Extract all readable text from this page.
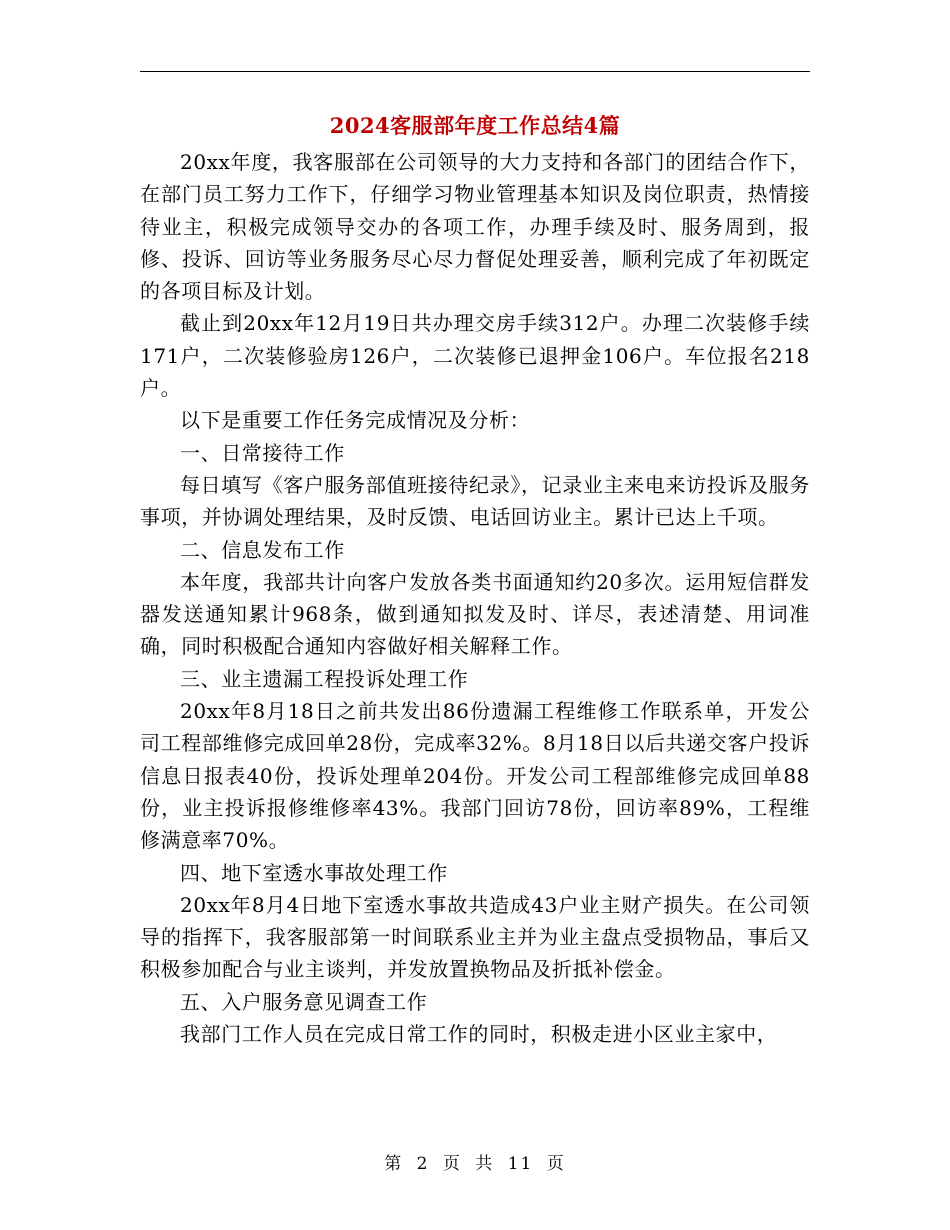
2024客服部年度工作总结4篇

20xx年度，我客服部在公司领导的大力支持和各部门的团结合作下，在部门员工努力工作下，仔细学习物业管理基本知识及岗位职责，热情接待业主，积极完成领导交办的各项工作，办理手续及时、服务周到，报修、投诉、回访等业务服务尽心尽力督促处理妥善，顺利完成了年初既定的各项目标及计划。

截止到20xx年12月19日共办理交房手续312户。办理二次装修手续171户，二次装修验房126户，二次装修已退押金106户。车位报名218户。

以下是重要工作任务完成情况及分析：

一、日常接待工作

每日填写《客户服务部值班接待纪录》，记录业主来电来访投诉及服务事项，并协调处理结果，及时反馈、电话回访业主。累计已达上千项。

二、信息发布工作

本年度，我部共计向客户发放各类书面通知约20多次。运用短信群发器发送通知累计968条，做到通知拟发及时、详尽，表述清楚、用词准确，同时积极配合通知内容做好相关解释工作。

三、业主遗漏工程投诉处理工作

20xx年8月18日之前共发出86份遗漏工程维修工作联系单，开发公司工程部维修完成回单28份，完成率32%。8月18日以后共递交客户投诉信息日报表40份，投诉处理单204份。开发公司工程部维修完成回单88份，业主投诉报修维修率43%。我部门回访78份，回访率89%，工程维修满意率70%。

四、地下室透水事故处理工作

20xx年8月4日地下室透水事故共造成43户业主财产损失。在公司领导的指挥下，我客服部第一时间联系业主并为业主盘点受损物品，事后又积极参加配合与业主谈判，并发放置换物品及折抵补偿金。

五、入户服务意见调查工作

我部门工作人员在完成日常工作的同时，积极走进小区业主家中，

第 2 页 共 11 页
